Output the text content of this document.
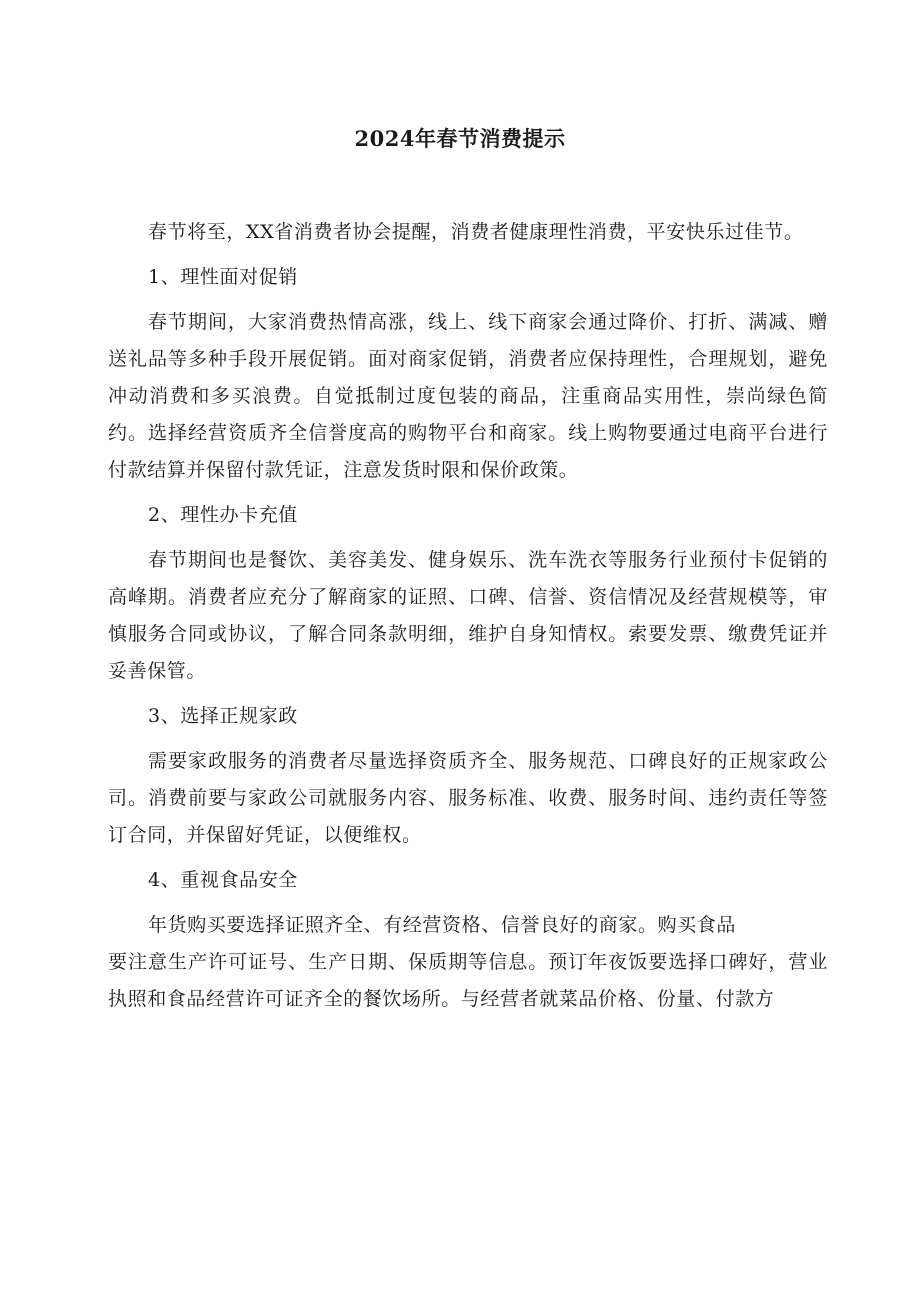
2024年春节消费提示

春节将至，XX省消费者协会提醒，消费者健康理性消费，平安快乐过佳节。

1、理性面对促销

春节期间，大家消费热情高涨，线上、线下商家会通过降价、打折、满减、赠送礼品等多种手段开展促销。面对商家促销，消费者应保持理性，合理规划，避免冲动消费和多买浪费。自觉抵制过度包装的商品，注重商品实用性，崇尚绿色简约。选择经营资质齐全信誉度高的购物平台和商家。线上购物要通过电商平台进行付款结算并保留付款凭证，注意发货时限和保价政策。

2、理性办卡充值

春节期间也是餐饮、美容美发、健身娱乐、洗车洗衣等服务行业预付卡促销的高峰期。消费者应充分了解商家的证照、口碑、信誉、资信情况及经营规模等，审慎服务合同或协议，了解合同条款明细，维护自身知情权。索要发票、缴费凭证并妥善保管。

3、选择正规家政

需要家政服务的消费者尽量选择资质齐全、服务规范、口碑良好的正规家政公司。消费前要与家政公司就服务内容、服务标准、收费、服务时间、违约责任等签订合同，并保留好凭证，以便维权。

4、重视食品安全

年货购买要选择证照齐全、有经营资格、信誉良好的商家。购买食品
要注意生产许可证号、生产日期、保质期等信息。预订年夜饭要选择口碑好，营业执照和食品经营许可证齐全的餐饮场所。与经营者就菜品价格、份量、付款方
